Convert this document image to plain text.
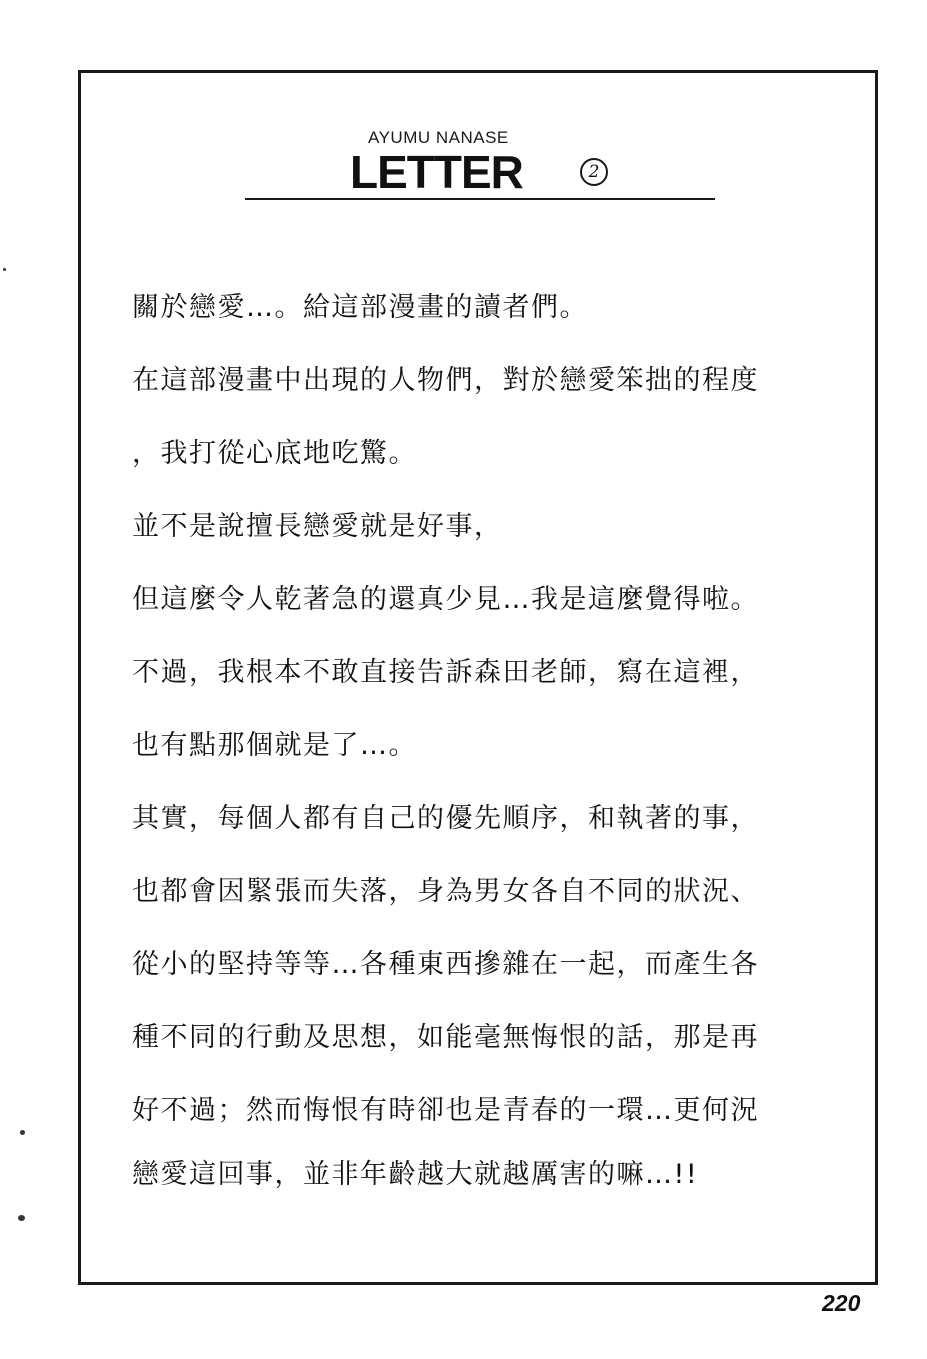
AYUMU NANASE
LETTER	2
關於戀愛…。給這部漫畫的讀者們。
在這部漫畫中出現的人物們，對於戀愛笨拙的程度
，我打從心底地吃驚。
並不是說擅長戀愛就是好事，
但這麼令人乾著急的還真少見…我是這麼覺得啦。
不過，我根本不敢直接告訴森田老師，寫在這裡，
也有點那個就是了…。
其實，每個人都有自己的優先順序，和執著的事，
也都會因緊張而失落，身為男女各自不同的狀況、
從小的堅持等等…各種東西摻雜在一起，而產生各
種不同的行動及思想，如能毫無悔恨的話，那是再
好不過；然而悔恨有時卻也是青春的一環…更何況
戀愛這回事，並非年齡越大就越厲害的嘛…!!
220
